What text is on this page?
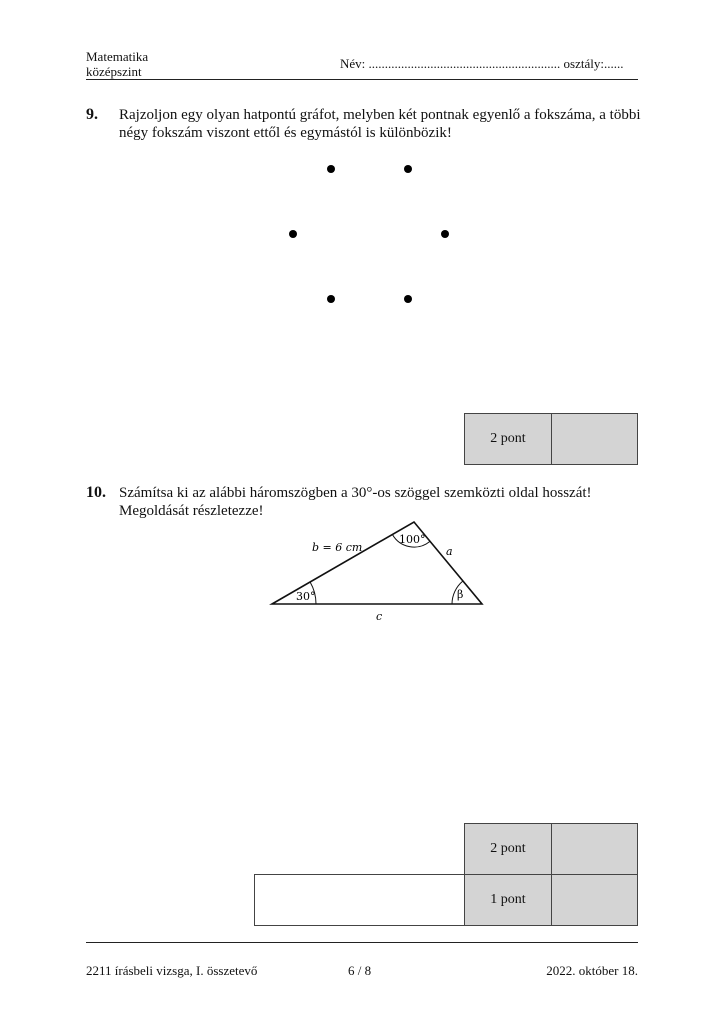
Matematika
középszint
Név: ........................................................... osztály:......
9. Rajzoljon egy olyan hatpontú gráfot, melyben két pontnak egyenlő a fokszáma, a többi
négy fokszám viszont ettől és egymástól is különbözik!
2 pont
10. Számítsa ki az alábbi háromszögben a 30°-os szöggel szemközti oldal hosszát!
Megoldását részletezze!
30°
100°
β
b = 6 cm	a
c
2 pont
1 pont
2211 írásbeli vizsga, I. összetevő	6 / 8	2022. október 18.
